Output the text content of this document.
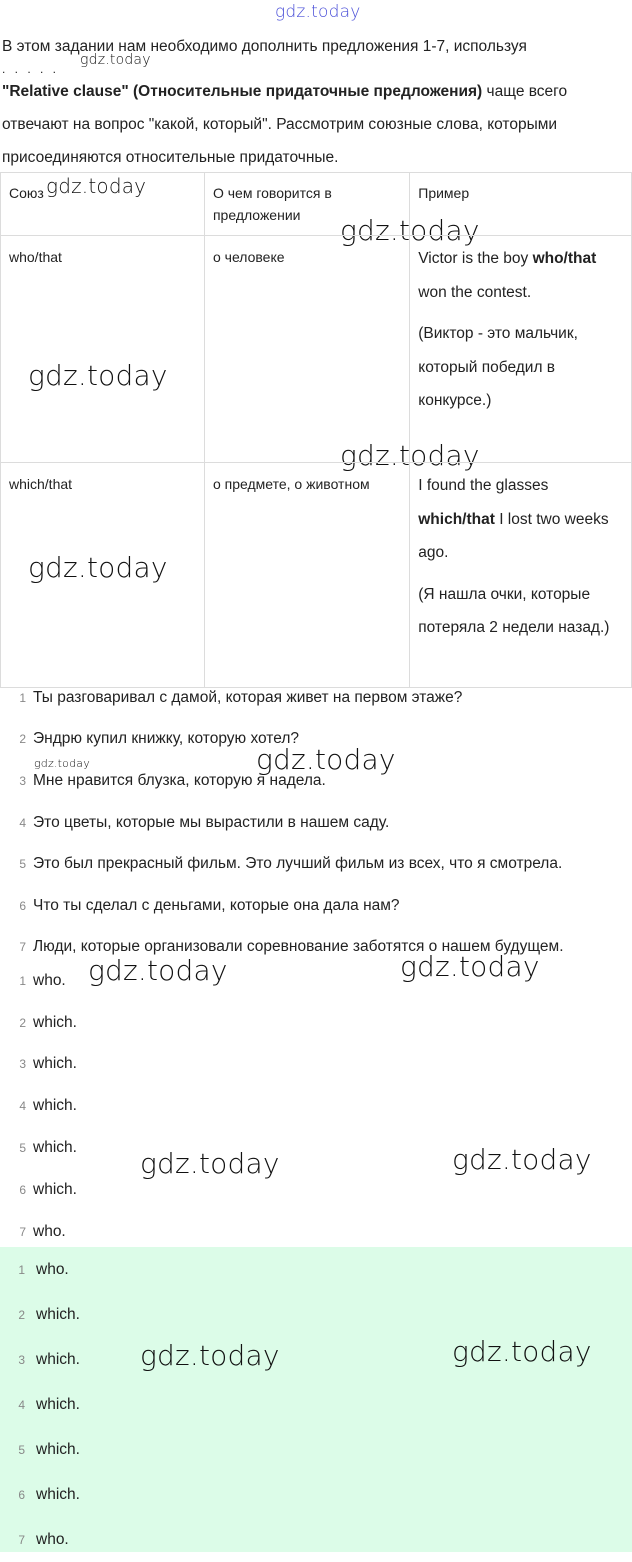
gdz.today
gdz.today
gdz.today
gdz.today
gdz.today
gdz.today
gdz.today
gdz.today	gdz.today
gdz.today	gdz.today
gdz.today	gdz.today

В этом задании нам необходимо дополнить предложения 1-7, используя

. . . . .

"Relative clause" (Относительные придаточные предложения) чаще всего отвечают на вопрос "какой, который". Рассмотрим союзные слова, которыми присоединяются относительные придаточные.

Союз	О чем говорится в предложении	Пример
who/that	о человеке	Victor is the boy who/that won the contest.

(Виктор - это мальчик, который победил в конкурсе.)

which/that	о предмете, о животном	I found the glasses which/that I lost two weeks ago.

(Я нашла очки, которые потеряла 2 недели назад.)

1 Ты разговаривал с дамой, которая живет на первом этаже?
2 Эндрю купил книжку, которую хотел?
3 Мне нравится блузка, которую я надела.
4 Это цветы, которые мы вырастили в нашем саду.
5 Это был прекрасный фильм. Это лучший фильм из всех, что я смотрела.
6 Что ты сделал с деньгами, которые она дала нам?
7 Люди, которые организовали соревнование заботятся о нашем будущем.
1 who.
2 which.
3 which.
4 which.
5 which.
6 which.
7 who.
1 who.
2 which.
3 which.
4 which.
5 which.
6 which.
7 who.
gdz.today	gdz.today
